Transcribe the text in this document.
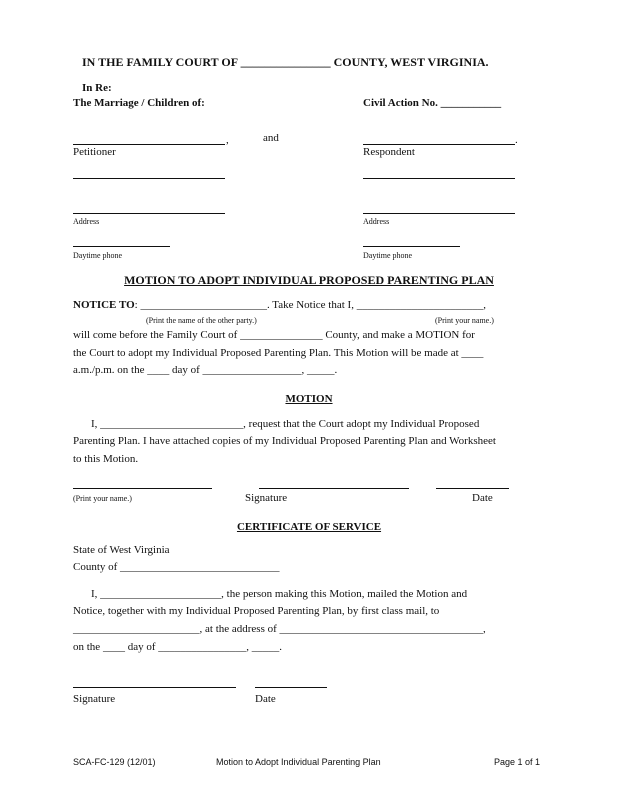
IN THE FAMILY COURT OF _______________ COUNTY, WEST VIRGINIA.
In Re:
The Marriage / Children of:	Civil Action No. ___________
,	and	.
Petitioner	Respondent
Address	Address
Daytime phone	Daytime phone
MOTION TO ADOPT INDIVIDUAL PROPOSED PARENTING PLAN
NOTICE TO: _______________________. Take Notice that I, _______________________,
(Print the name of the other party.)	(Print your name.)
will come before the Family Court of _______________ County, and make a MOTION for
the Court to adopt my Individual Proposed Parenting Plan. This Motion will be made at ____
a.m./p.m. on the ____ day of __________________, _____.
MOTION
I, __________________________, request that the Court adopt my Individual Proposed
Parenting Plan. I have attached copies of my Individual Proposed Parenting Plan and Worksheet
to this Motion.
(Print your name.)	Signature	Date
CERTIFICATE OF SERVICE
State of West Virginia
County of _____________________________
I, ______________________, the person making this Motion, mailed the Motion and
Notice, together with my Individual Proposed Parenting Plan, by first class mail, to
_______________________, at the address of _____________________________________,
on the ____ day of ________________, _____.
Signature	Date
SCA-FC-129 (12/01)	Motion to Adopt Individual Parenting Plan	Page 1 of 1
